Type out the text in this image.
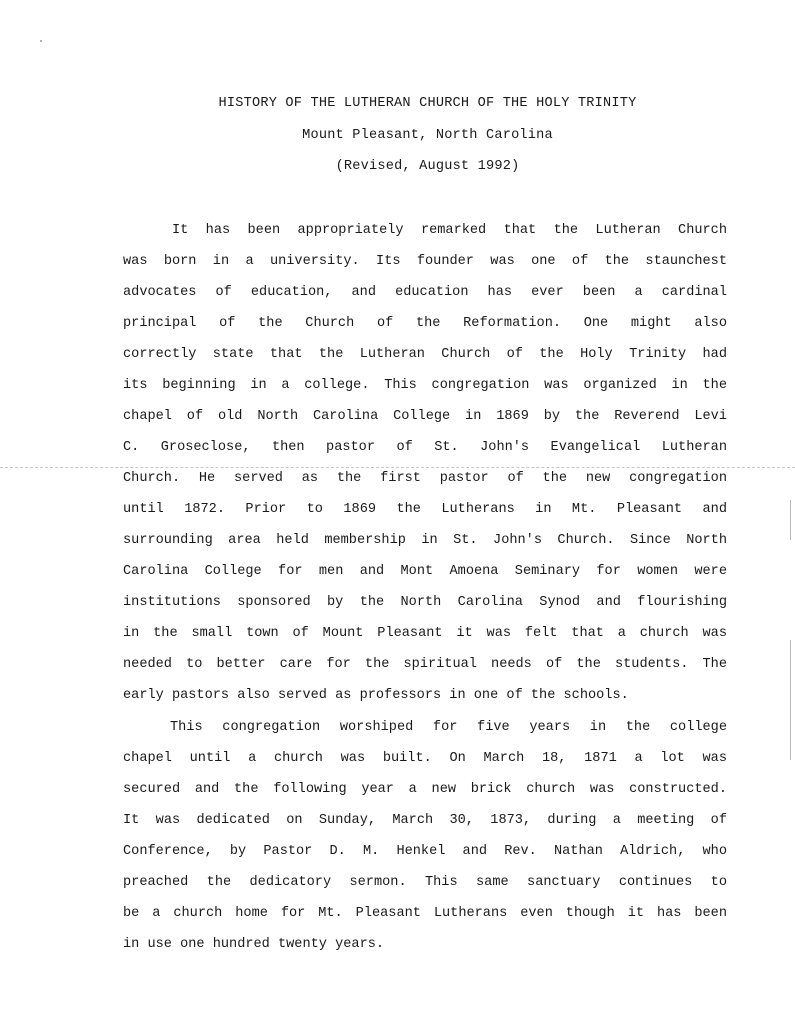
HISTORY OF THE LUTHERAN CHURCH OF THE HOLY TRINITY
Mount Pleasant, North Carolina
(Revised, August 1992)
It has been appropriately remarked that the Lutheran Church
was born in a university. Its founder was one of the staunchest
advocates of education, and education has ever been a cardinal
principal of the Church of the Reformation. One might also
correctly state that the Lutheran Church of the Holy Trinity had
its beginning in a college. This congregation was organized in the
chapel of old North Carolina College in 1869 by the Reverend Levi
C. Groseclose, then pastor of St. John's Evangelical Lutheran
Church. He served as the first pastor of the new congregation
until 1872. Prior to 1869 the Lutherans in Mt. Pleasant and
surrounding area held membership in St. John's Church. Since North
Carolina College for men and Mont Amoena Seminary for women were
institutions sponsored by the North Carolina Synod and flourishing
in the small town of Mount Pleasant it was felt that a church was
needed to better care for the spiritual needs of the students. The
early pastors also served as professors in one of the schools.
This congregation worshiped for five years in the college
chapel until a church was built. On March 18, 1871 a lot was
secured and the following year a new brick church was constructed.
It was dedicated on Sunday, March 30, 1873, during a meeting of
Conference, by Pastor D. M. Henkel and Rev. Nathan Aldrich, who
preached the dedicatory sermon. This same sanctuary continues to
be a church home for Mt. Pleasant Lutherans even though it has been
in use one hundred twenty years.
